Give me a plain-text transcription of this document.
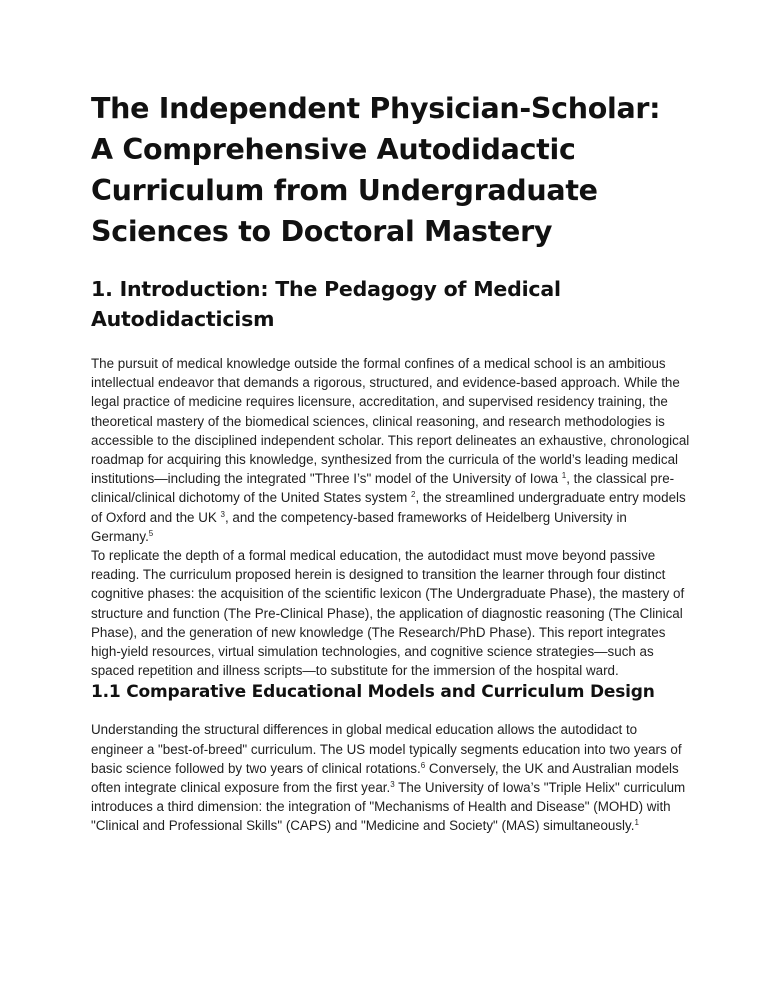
The Independent Physician-Scholar: A Comprehensive Autodidactic Curriculum from Undergraduate Sciences to Doctoral Mastery
1. Introduction: The Pedagogy of Medical Autodidacticism

The pursuit of medical knowledge outside the formal confines of a medical school is an ambitious intellectual endeavor that demands a rigorous, structured, and evidence-based approach. While the legal practice of medicine requires licensure, accreditation, and supervised residency training, the theoretical mastery of the biomedical sciences, clinical reasoning, and research methodologies is accessible to the disciplined independent scholar. This report delineates an exhaustive, chronological roadmap for acquiring this knowledge, synthesized from the curricula of the world’s leading medical institutions—including the integrated "Three I’s" model of the University of Iowa $^1$, the classical pre-clinical/clinical dichotomy of the United States system $^2$, the streamlined undergraduate entry models of Oxford and the UK $^3$, and the competency-based frameworks of Heidelberg University in Germany.$^5$

To replicate the depth of a formal medical education, the autodidact must move beyond passive reading. The curriculum proposed herein is designed to transition the learner through four distinct cognitive phases: the acquisition of the scientific lexicon (The Undergraduate Phase), the mastery of structure and function (The Pre-Clinical Phase), the application of diagnostic reasoning (The Clinical Phase), and the generation of new knowledge (The Research/PhD Phase). This report integrates high-yield resources, virtual simulation technologies, and cognitive science strategies—such as spaced repetition and illness scripts—to substitute for the immersion of the hospital ward.

1.1 Comparative Educational Models and Curriculum Design

Understanding the structural differences in global medical education allows the autodidact to engineer a "best-of-breed" curriculum. The US model typically segments education into two years of basic science followed by two years of clinical rotations.$^6$ Conversely, the UK and Australian models often integrate clinical exposure from the first year.$^3$ The University of Iowa’s "Triple Helix" curriculum introduces a third dimension: the integration of "Mechanisms of Health and Disease" (MOHD) with "Clinical and Professional Skills" (CAPS) and "Medicine and Society" (MAS) simultaneously.$^1$
